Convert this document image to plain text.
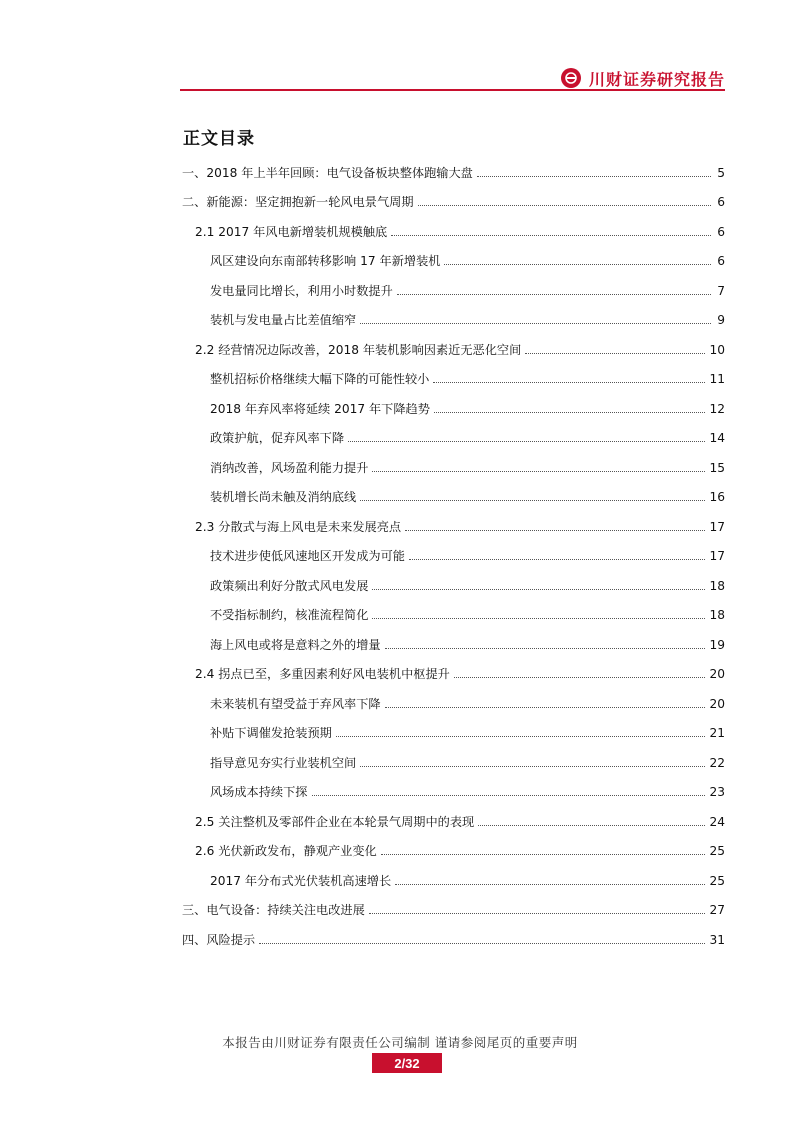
川财证券研究报告
正文目录
一、2018 年上半年回顾：电气设备板块整体跑输大盘	5
二、新能源：坚定拥抱新一轮风电景气周期	6
2.1 2017 年风电新增装机规模触底	6
风区建设向东南部转移影响 17 年新增装机	6
发电量同比增长，利用小时数提升	7
装机与发电量占比差值缩窄	9
2.2 经营情况边际改善，2018 年装机影响因素近无恶化空间	10
整机招标价格继续大幅下降的可能性较小	11
2018 年弃风率将延续 2017 年下降趋势	12
政策护航，促弃风率下降	14
消纳改善，风场盈利能力提升	15
装机增长尚未触及消纳底线	16
2.3 分散式与海上风电是未来发展亮点	17
技术进步使低风速地区开发成为可能	17
政策频出利好分散式风电发展	18
不受指标制约，核准流程简化	18
海上风电或将是意料之外的增量	19
2.4 拐点已至，多重因素利好风电装机中枢提升	20
未来装机有望受益于弃风率下降	20
补贴下调催发抢装预期	21
指导意见夯实行业装机空间	22
风场成本持续下探	23
2.5 关注整机及零部件企业在本轮景气周期中的表现	24
2.6 光伏新政发布，静观产业变化	25
2017 年分布式光伏装机高速增长	25
三、电气设备：持续关注电改进展	27
四、风险提示	31
本报告由川财证券有限责任公司编制 谨请参阅尾页的重要声明
2/32
